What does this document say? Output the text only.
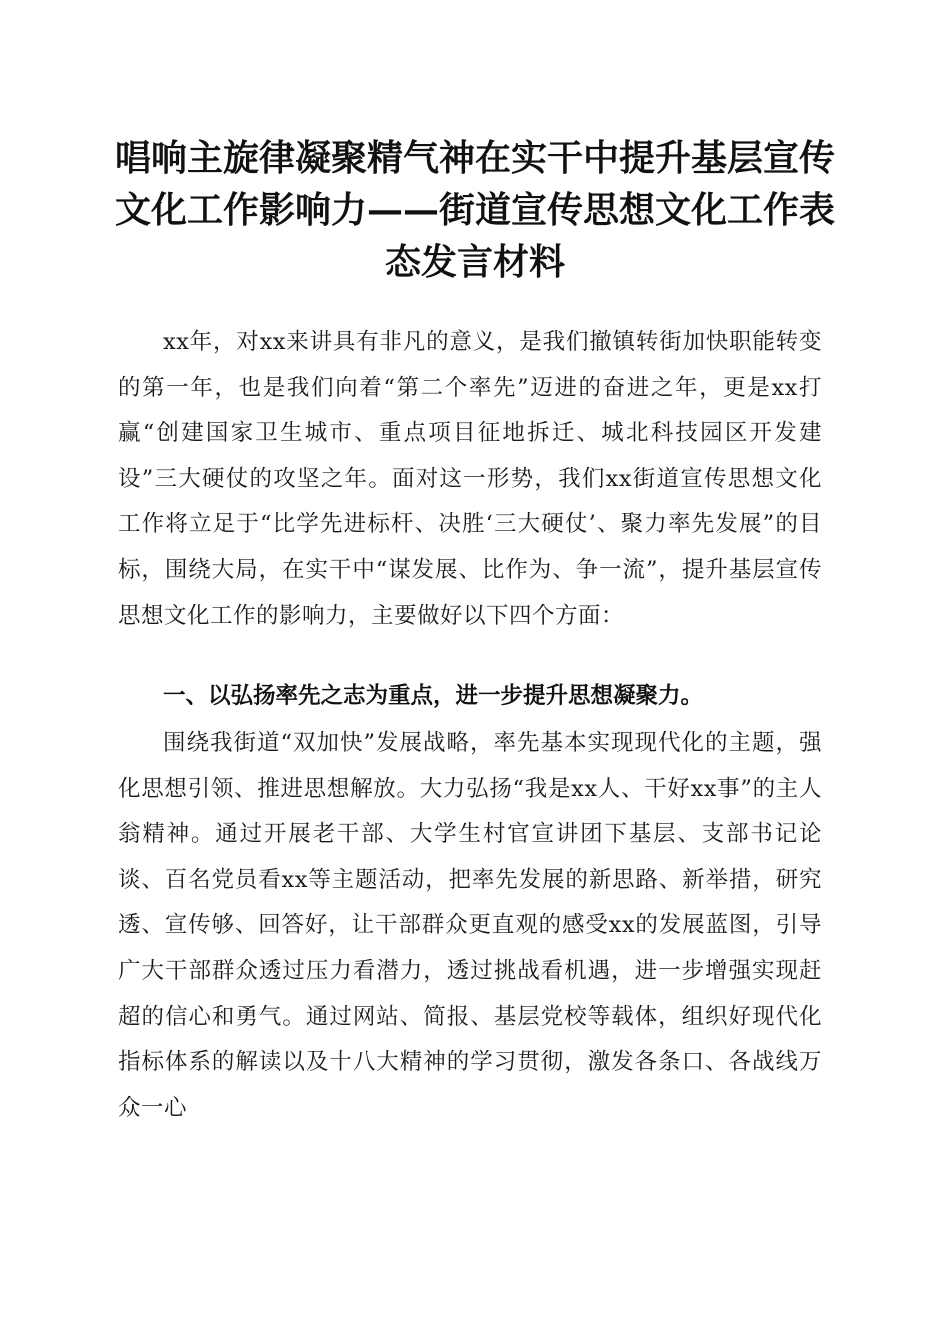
唱响主旋律凝聚精气神在实干中提升基层宣传文化工作影响力——街道宣传思想文化工作表态发言材料

xx年，对xx来讲具有非凡的意义，是我们撤镇转街加快职能转变的第一年，也是我们向着“第二个率先”迈进的奋进之年，更是xx打赢“创建国家卫生城市、重点项目征地拆迁、城北科技园区开发建设”三大硬仗的攻坚之年。面对这一形势，我们xx街道宣传思想文化工作将立足于“比学先进标杆、决胜‘三大硬仗’、聚力率先发展”的目标，围绕大局，在实干中“谋发展、比作为、争一流”，提升基层宣传思想文化工作的影响力，主要做好以下四个方面：

一、以弘扬率先之志为重点，进一步提升思想凝聚力。

围绕我街道“双加快”发展战略，率先基本实现现代化的主题，强化思想引领、推进思想解放。大力弘扬“我是xx人、干好xx事”的主人翁精神。通过开展老干部、大学生村官宣讲团下基层、支部书记论谈、百名党员看xx等主题活动，把率先发展的新思路、新举措，研究透、宣传够、回答好，让干部群众更直观的感受xx的发展蓝图，引导广大干部群众透过压力看潜力，透过挑战看机遇，进一步增强实现赶超的信心和勇气。通过网站、简报、基层党校等载体，组织好现代化指标体系的解读以及十八大精神的学习贯彻，激发各条口、各战线万众一心
